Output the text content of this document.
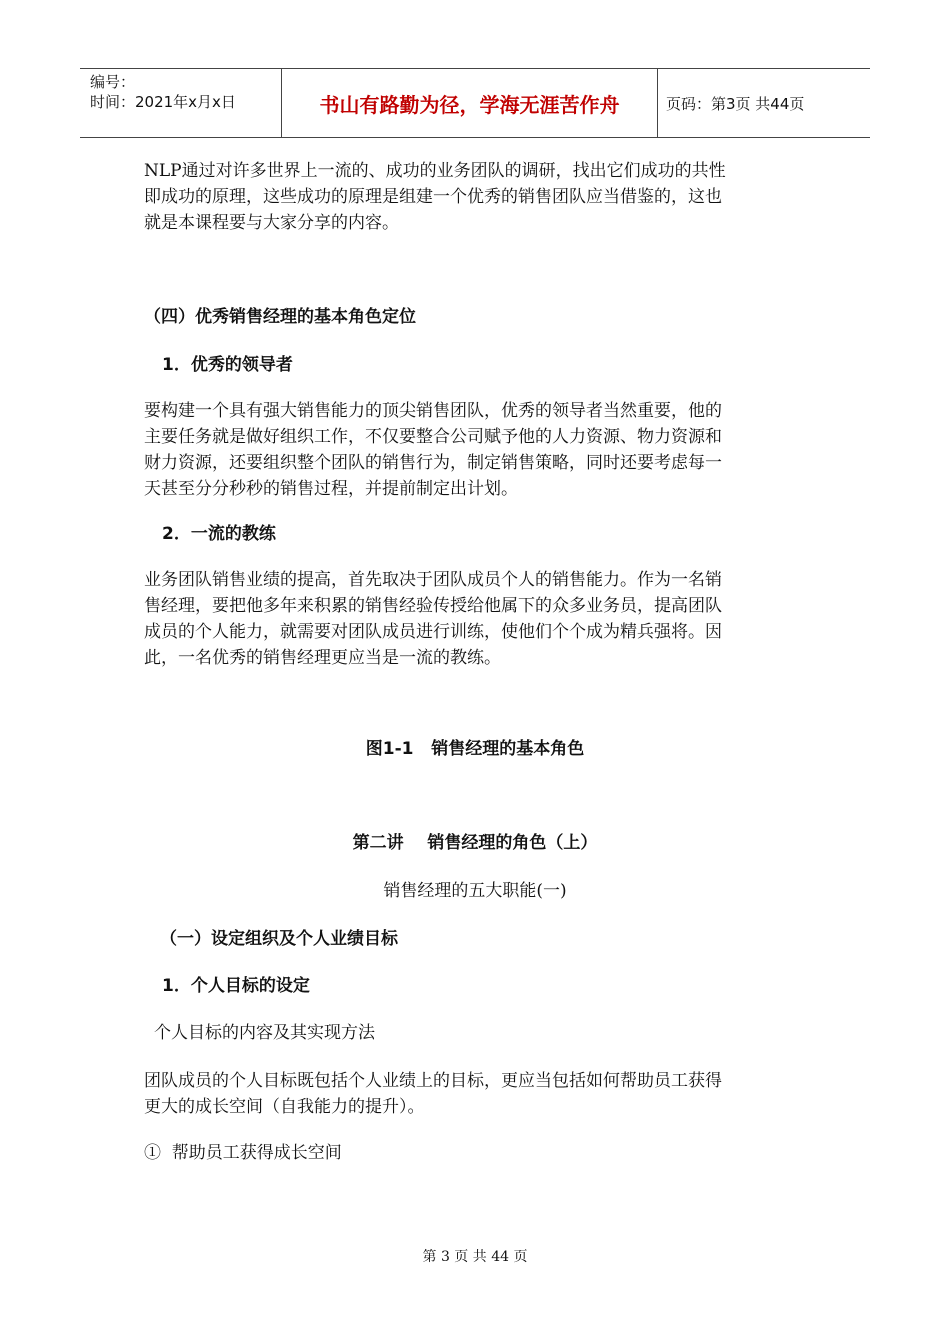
编号：
时间：2021年x月x日	书山有路勤为径，学海无涯苦作舟	页码：第3页 共44页

NLP通过对许多世界上一流的、成功的业务团队的调研，找出它们成功的共性

即成功的原理，这些成功的原理是组建一个优秀的销售团队应当借鉴的，这也

就是本课程要与大家分享的内容。

（四）优秀销售经理的基本角色定位

1．优秀的领导者

要构建一个具有强大销售能力的顶尖销售团队，优秀的领导者当然重要，他的

主要任务就是做好组织工作，不仅要整合公司赋予他的人力资源、物力资源和

财力资源，还要组织整个团队的销售行为，制定销售策略，同时还要考虑每一

天甚至分分秒秒的销售过程，并提前制定出计划。

2．一流的教练

业务团队销售业绩的提高，首先取决于团队成员个人的销售能力。作为一名销

售经理，要把他多年来积累的销售经验传授给他属下的众多业务员，提高团队

成员的个人能力，就需要对团队成员进行训练，使他们个个成为精兵强将。因

此，一名优秀的销售经理更应当是一流的教练。

图1-1   销售经理的基本角色

第二讲    销售经理的角色（上）

销售经理的五大职能(一)

（一）设定组织及个人业绩目标

1．个人目标的设定

个人目标的内容及其实现方法

团队成员的个人目标既包括个人业绩上的目标，更应当包括如何帮助员工获得

更大的成长空间（自我能力的提升）。

①  帮助员工获得成长空间

第 3 页 共 44 页
